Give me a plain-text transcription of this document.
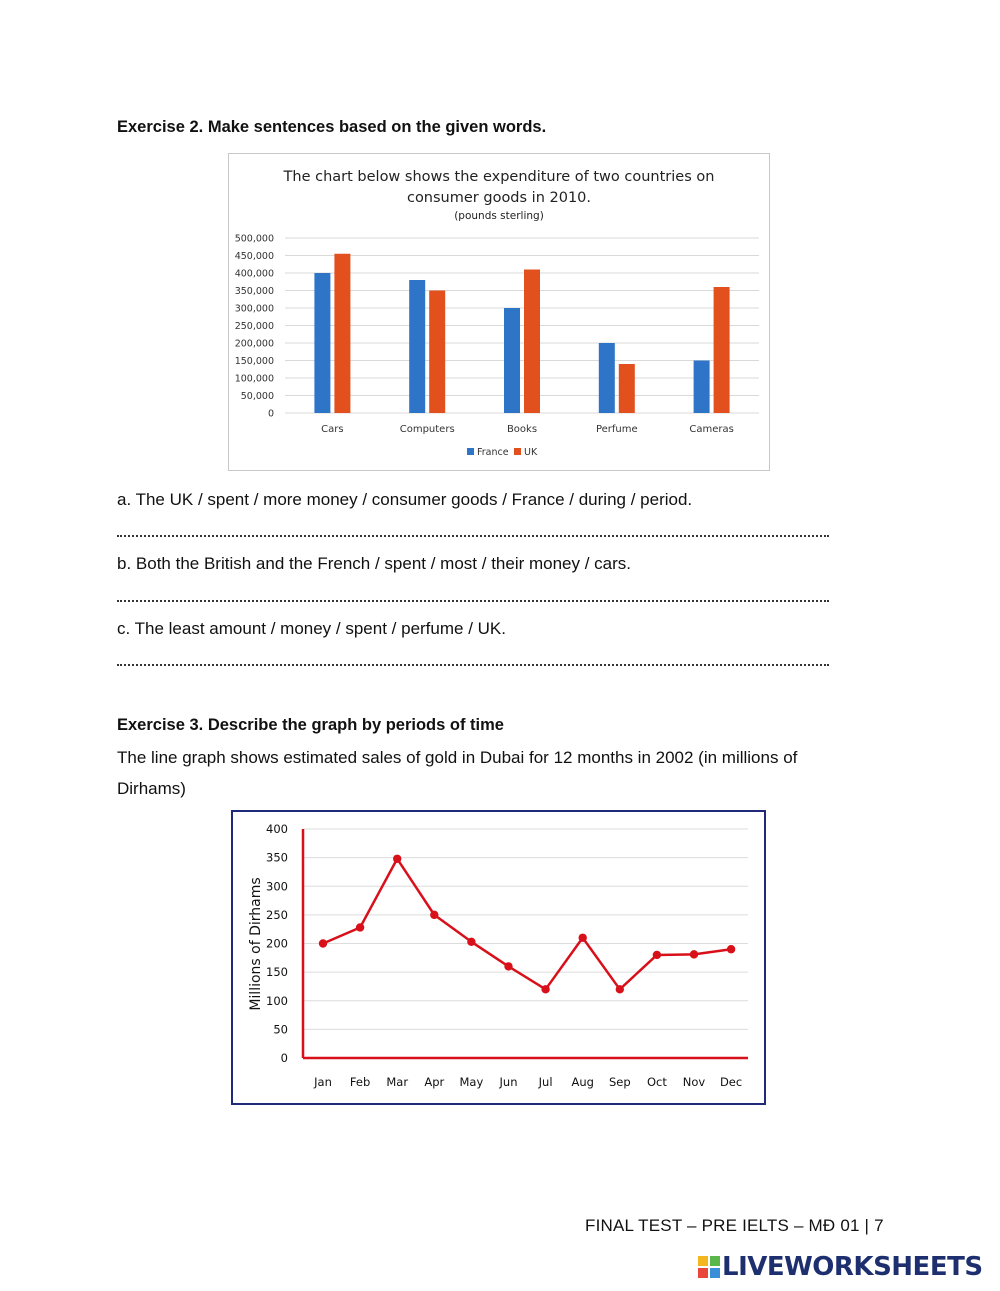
Exercise 2. Make sentences based on the given words.
The chart below shows the expenditure of two countries on
consumer goods in 2010.
(pounds sterling)
0
50,000
100,000
150,000
200,000
250,000
300,000
350,000
400,000
450,000
500,000
Cars	Computers	Books	Perfume	Cameras
France UK
a. The UK / spent / more money / consumer goods / France / during / period.
b. Both the British and the French / spent / most / their money / cars.
c. The least amount / money / spent / perfume / UK.
Exercise 3. Describe the graph by periods of time
The line graph shows estimated sales of gold in Dubai for 12 months in 2002 (in millions of Dirhams)
Millions of Dirhams
0
50
100
150
200
250
300
350
400
Jan Feb Mar Apr May Jun Jul Aug Sep Oct Nov Dec
FINAL TEST – PRE IELTS – MĐ 01 | 7
LIVEWORKSHEETS
